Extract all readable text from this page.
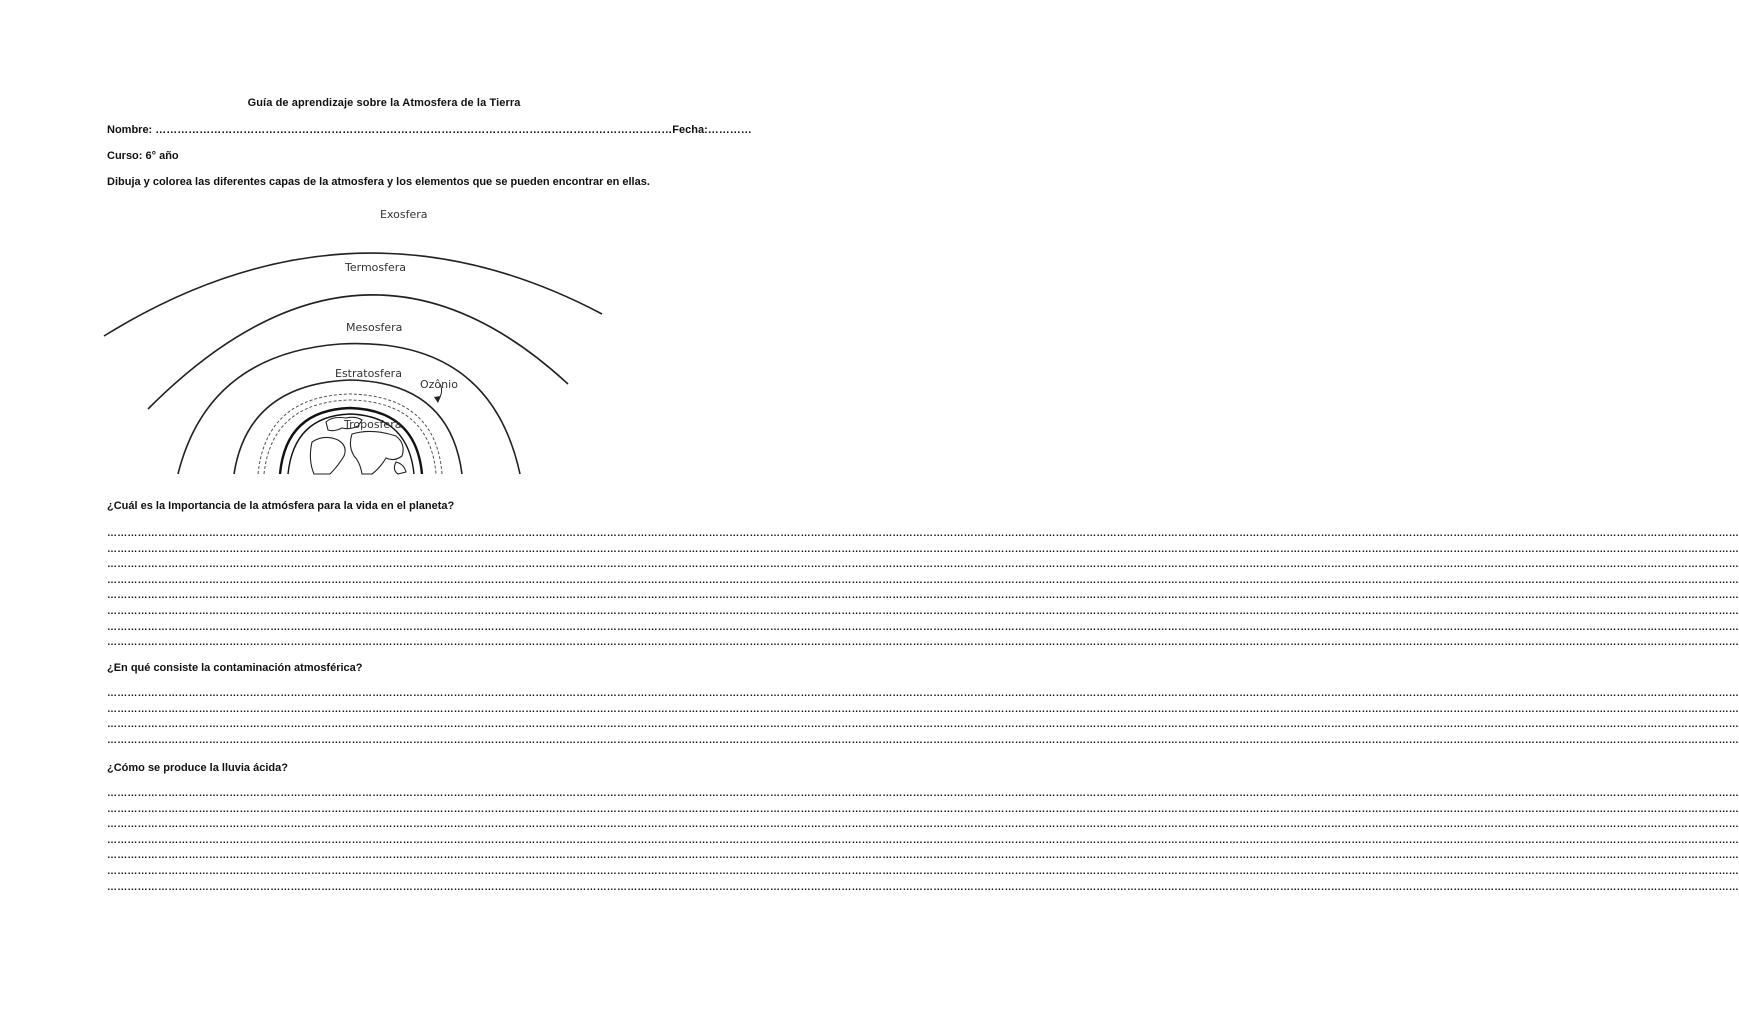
Guía de aprendizaje sobre la Atmosfera de la Tierra
Nombre: ……………………………………………………………………………………………………………………………Fecha:…………
Curso: 6° año
Dibuja y colorea las diferentes capas de la atmosfera y los elementos que se pueden encontrar en ellas.
Exosfera
Termosfera
Mesosfera
Estratosfera
Ozônio
Troposfera
¿Cuál es la Importancia de la atmósfera para la vida en el planeta?
¿En qué consiste la contaminación atmosférica?
¿Cómo se produce la lluvia ácida?
…………………………………………………………………………………………………………………………………………………………………………………………………………………………………………………………………………………………………………………………………………………………………………………………………………………………………………
…………………………………………………………………………………………………………………………………………………………………………………………………………………………………………………………………………………………………………………………………………………………………………………………………………………………………………
…………………………………………………………………………………………………………………………………………………………………………………………………………………………………………………………………………………………………………………………………………………………………………………………………………………………………………
…………………………………………………………………………………………………………………………………………………………………………………………………………………………………………………………………………………………………………………………………………………………………………………………………………………………………………
…………………………………………………………………………………………………………………………………………………………………………………………………………………………………………………………………………………………………………………………………………………………………………………………………………………………………………
…………………………………………………………………………………………………………………………………………………………………………………………………………………………………………………………………………………………………………………………………………………………………………………………………………………………………………
…………………………………………………………………………………………………………………………………………………………………………………………………………………………………………………………………………………………………………………………………………………………………………………………………………………………………………
…………………………………………………………………………………………………………………………………………………………………………………………………………………………………………………………………………………………………………………………………………………………………………………………………………………………………………
…………………………………………………………………………………………………………………………………………………………………………………………………………………………………………………………………………………………………………………………………………………………………………………………………………………………………………
…………………………………………………………………………………………………………………………………………………………………………………………………………………………………………………………………………………………………………………………………………………………………………………………………………………………………………
…………………………………………………………………………………………………………………………………………………………………………………………………………………………………………………………………………………………………………………………………………………………………………………………………………………………………………
…………………………………………………………………………………………………………………………………………………………………………………………………………………………………………………………………………………………………………………………………………………………………………………………………………………………………………
…………………………………………………………………………………………………………………………………………………………………………………………………………………………………………………………………………………………………………………………………………………………………………………………………………………………………………
…………………………………………………………………………………………………………………………………………………………………………………………………………………………………………………………………………………………………………………………………………………………………………………………………………………………………………
…………………………………………………………………………………………………………………………………………………………………………………………………………………………………………………………………………………………………………………………………………………………………………………………………………………………………………
…………………………………………………………………………………………………………………………………………………………………………………………………………………………………………………………………………………………………………………………………………………………………………………………………………………………………………
…………………………………………………………………………………………………………………………………………………………………………………………………………………………………………………………………………………………………………………………………………………………………………………………………………………………………………
…………………………………………………………………………………………………………………………………………………………………………………………………………………………………………………………………………………………………………………………………………………………………………………………………………………………………………
…………………………………………………………………………………………………………………………………………………………………………………………………………………………………………………………………………………………………………………………………………………………………………………………………………………………………………
